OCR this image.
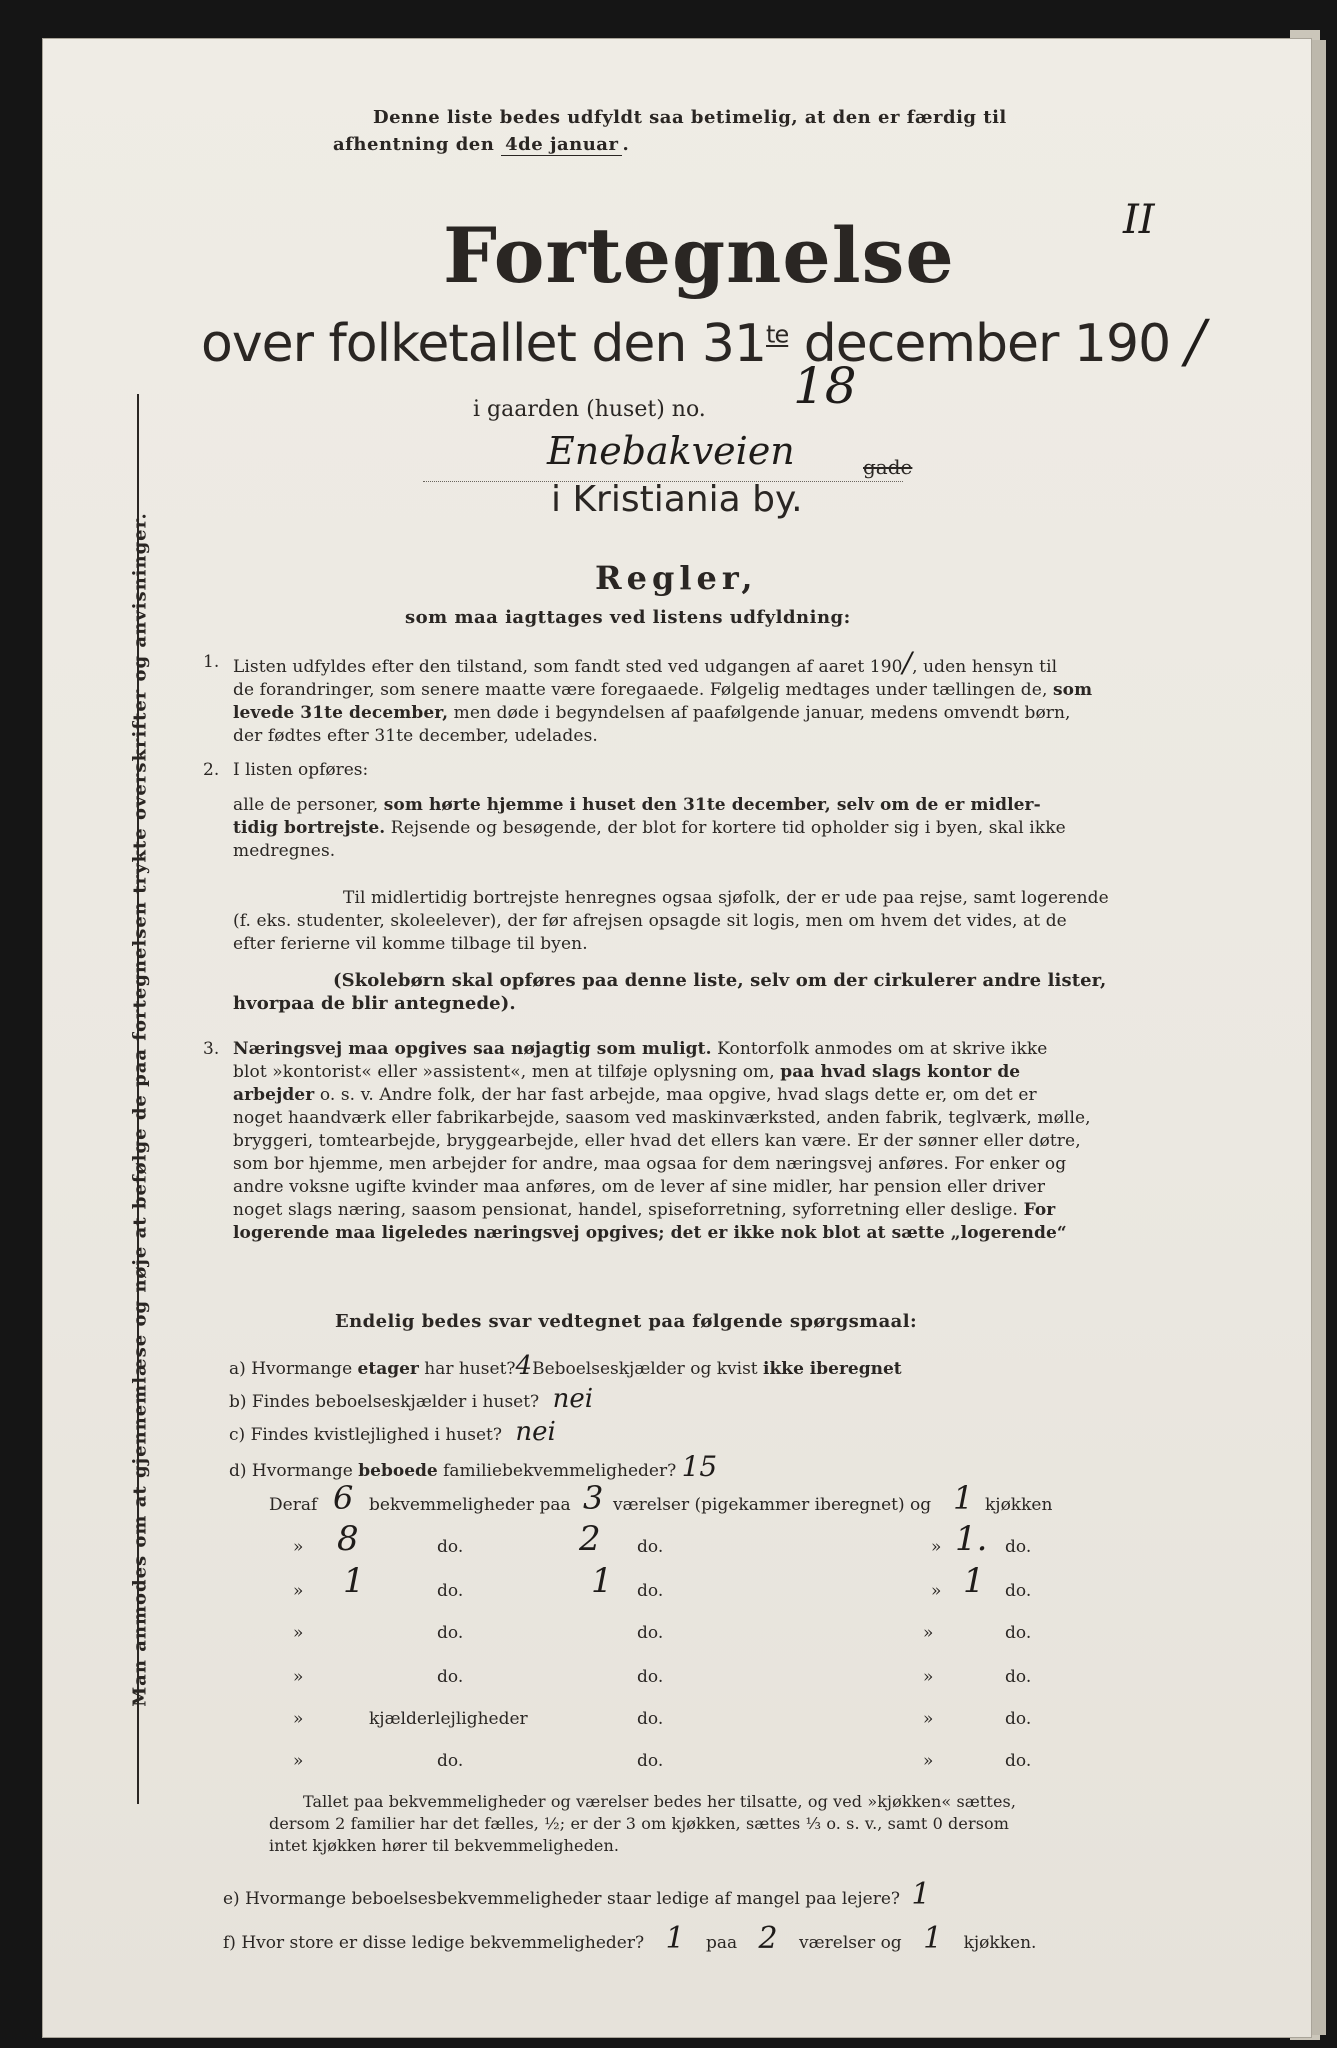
Denne liste bedes udfyldt saa betimelig, at den er færdig til
afhentning den 4de januar .
Fortegnelse	II
over folketallet den $31^{te}$ december 190 /
i gaarden (huset) no. 18
Enebakveien	gade
i Kristiania by.
Man anmodes om at gjennemlæse og nøje at befølge de paa fortegnelsen trykte overskrifter og anvisninger.	Regler,
som maa iagttages ved listens udfyldning:
1. Listen udfyldes efter den tilstand, som fandt sted ved udgangen af aaret 190/, uden hensyn til
de forandringer, som senere maatte være foregaaede. Følgelig medtages under tællingen de, som
levede 31te december, men døde i begyndelsen af paafølgende januar, medens omvendt børn,
der fødtes efter 31te december, udelades.
2. I listen opføres:
alle de personer, som hørte hjemme i huset den 31te december, selv om de er midler-
tidig bortrejste. Rejsende og besøgende, der blot for kortere tid opholder sig i byen, skal ikke
medregnes.
Til midlertidig bortrejste henregnes ogsaa sjøfolk, der er ude paa rejse, samt logerende
(f. eks. studenter, skoleelever), der før afrejsen opsagde sit logis, men om hvem det vides, at de
efter ferierne vil komme tilbage til byen.
(Skolebørn skal opføres paa denne liste, selv om der cirkulerer andre lister,
hvorpaa de blir antegnede).
3. Næringsvej maa opgives saa nøjagtig som muligt. Kontorfolk anmodes om at skrive ikke
blot »kontorist« eller »assistent«, men at tilføje oplysning om, paa hvad slags kontor de
arbejder o. s. v. Andre folk, der har fast arbejde, maa opgive, hvad slags dette er, om det er
noget haandværk eller fabrikarbejde, saasom ved maskinværksted, anden fabrik, teglværk, mølle,
bryggeri, tomtearbejde, bryggearbejde, eller hvad det ellers kan være. Er der sønner eller døtre,
som bor hjemme, men arbejder for andre, maa ogsaa for dem næringsvej anføres. For enker og
andre voksne ugifte kvinder maa anføres, om de lever af sine midler, har pension eller driver
noget slags næring, saasom pensionat, handel, spiseforretning, syforretning eller deslige. For
logerende maa ligeledes næringsvej opgives; det er ikke nok blot at sætte „logerende“
Endelig bedes svar vedtegnet paa følgende spørgsmaal:
a) Hvormange etager har huset?4Beboelseskjælder og kvist ikke iberegnet
b) Findes beboelseskjælder i huset? nei
c) Findes kvistlejlighed i huset? nei
d) Hvormange beboede familiebekvemmeligheder? 15
Deraf 6 bekvemmeligheder paa 3 værelser (pigekammer iberegnet) og 1 kjøkken
» 8	do.	2 do.	» 1. do.
» 1	do.	1 do.	» 1 do.
»	do.	do.	»	do.
»	do.	do.	»	do.
»	kjælderlejligheder	do.	»	do.
»	do.	do.	»	do.
Tallet paa bekvemmeligheder og værelser bedes her tilsatte, og ved »kjøkken« sættes,
dersom 2 familier har det fælles, ½; er der 3 om kjøkken, sættes ⅓ o. s. v., samt 0 dersom
intet kjøkken hører til bekvemmeligheden.
e) Hvormange beboelsesbekvemmeligheder staar ledige af mangel paa lejere? 1
f) Hvor store er disse ledige bekvemmeligheder? 1 paa 2 værelser og 1 kjøkken.
